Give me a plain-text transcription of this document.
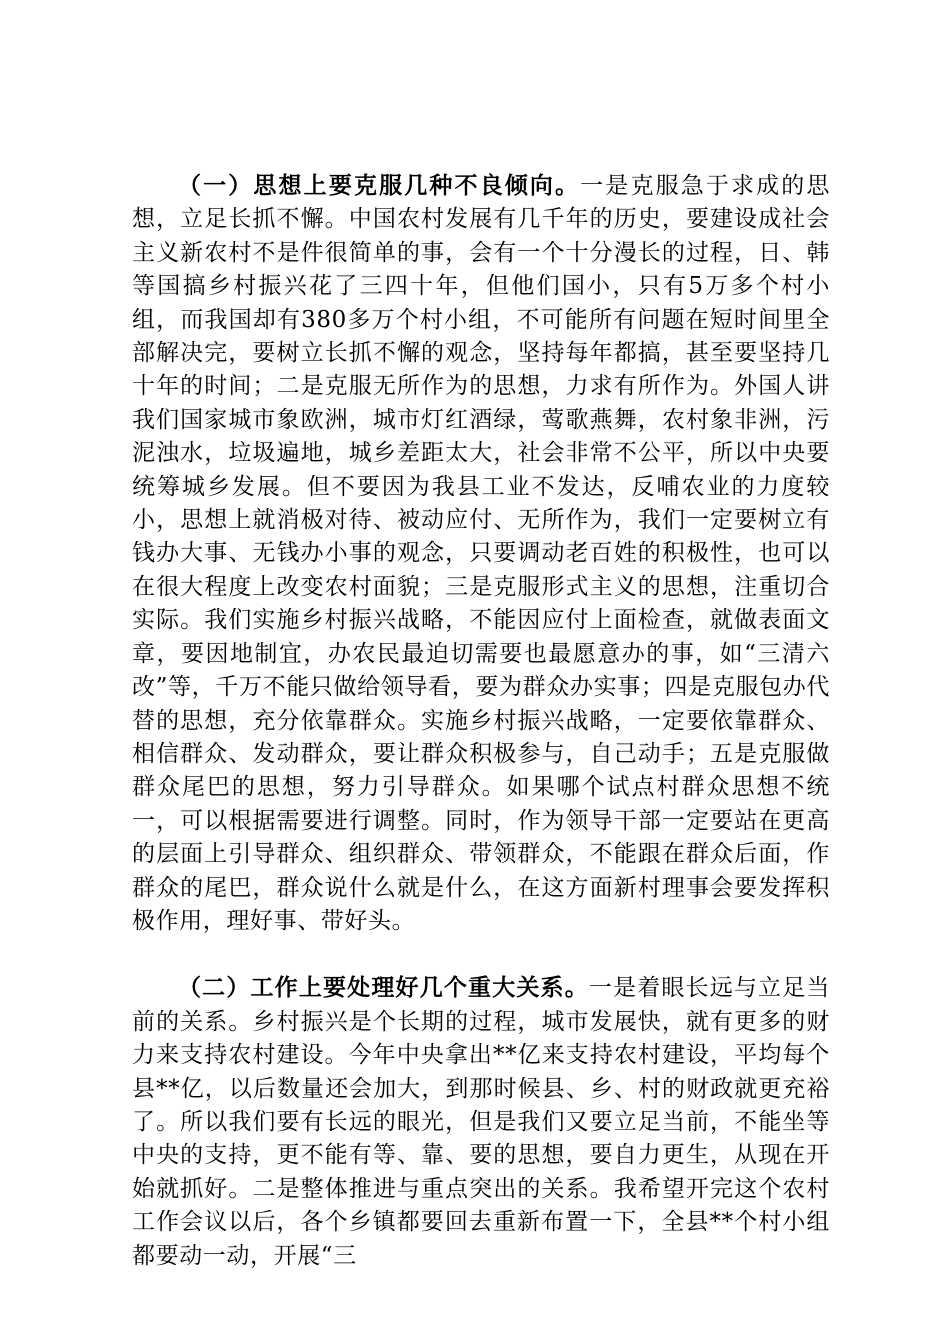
（一）思想上要克服几种不良倾向。一是克服急于求成的思想，立足长抓不懈。中国农村发展有几千年的历史，要建设成社会主义新农村不是件很简单的事，会有一个十分漫长的过程，日、韩等国搞乡村振兴花了三四十年，但他们国小，只有5万多个村小组，而我国却有380多万个村小组，不可能所有问题在短时间里全部解决完，要树立长抓不懈的观念，坚持每年都搞，甚至要坚持几十年的时间；二是克服无所作为的思想，力求有所作为。外国人讲我们国家城市象欧洲，城市灯红酒绿，莺歌燕舞，农村象非洲，污泥浊水，垃圾遍地，城乡差距太大，社会非常不公平，所以中央要统筹城乡发展。但不要因为我县工业不发达，反哺农业的力度较小，思想上就消极对待、被动应付、无所作为，我们一定要树立有钱办大事、无钱办小事的观念，只要调动老百姓的积极性，也可以在很大程度上改变农村面貌；三是克服形式主义的思想，注重切合实际。我们实施乡村振兴战略，不能因应付上面检查，就做表面文章，要因地制宜，办农民最迫切需要也最愿意办的事，如“三清六改”等，千万不能只做给领导看，要为群众办实事；四是克服包办代替的思想，充分依靠群众。实施乡村振兴战略，一定要依靠群众、相信群众、发动群众，要让群众积极参与，自己动手；五是克服做群众尾巴的思想，努力引导群众。如果哪个试点村群众思想不统一，可以根据需要进行调整。同时，作为领导干部一定要站在更高的层面上引导群众、组织群众、带领群众，不能跟在群众后面，作群众的尾巴，群众说什么就是什么，在这方面新村理事会要发挥积极作用，理好事、带好头。

（二）工作上要处理好几个重大关系。一是着眼长远与立足当前的关系。乡村振兴是个长期的过程，城市发展快，就有更多的财力来支持农村建设。今年中央拿出**亿来支持农村建设，平均每个县**亿，以后数量还会加大，到那时候县、乡、村的财政就更充裕了。所以我们要有长远的眼光，但是我们又要立足当前，不能坐等中央的支持，更不能有等、靠、要的思想，要自力更生，从现在开始就抓好。二是整体推进与重点突出的关系。我希望开完这个农村工作会议以后，各个乡镇都要回去重新布置一下，全县**个村小组都要动一动，开展“三
